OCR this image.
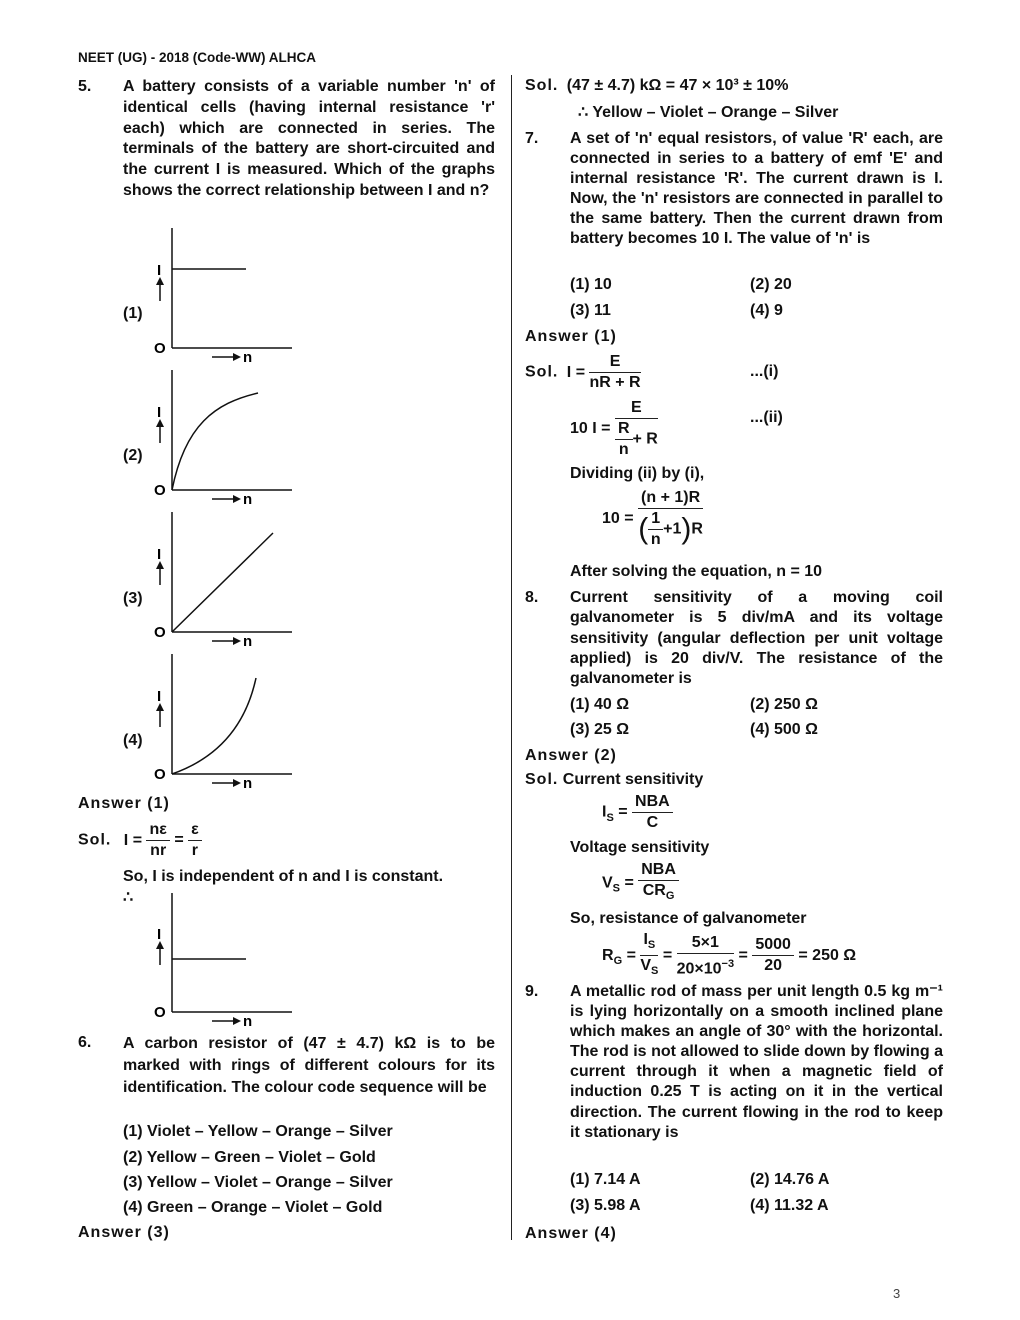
NEET (UG) - 2018 (Code-WW) ALHCA
5.	A battery consists of a variable number 'n' of identical cells (having internal resistance 'r' each) which are connected in series. The terminals of the battery are short-circuited and the current I is measured. Which of the graphs shows the correct relationship between I and n?
I
O
n
I
O
n
I
O
n
I
O
n
I
O
n
(1)
(2)
(3)
(4)
Answer (1)
Sol. $I = \frac{n\varepsilon}{nr} = \frac{\varepsilon}{r}$
So, I is independent of n and I is constant.
∴
6.	A carbon resistor of (47 ± 4.7) kΩ is to be marked with rings of different colours for its identification. The colour code sequence will be
(1) Violet – Yellow – Orange – Silver
(2) Yellow – Green – Violet – Gold
(3) Yellow – Violet – Orange – Silver
(4) Green – Orange – Violet – Gold
Answer (3)
Sol. (47 ± 4.7) kΩ = 47 × 10³ ± 10%
∴ Yellow – Violet – Orange – Silver
7.	A set of 'n' equal resistors, of value 'R' each, are connected in series to a battery of emf 'E' and internal resistance 'R'. The current drawn is I. Now, the 'n' resistors are connected in parallel to the same battery. Then the current drawn from battery becomes 10 I. The value of 'n' is
(1) 10	(2) 20
(3) 11	(4) 9
Answer (1)
Sol. $I = \frac{E}{nR + R}$	...(i)
10 $I = \frac{E}{\frac{R}{n} + R}$	...(ii)
Dividing (ii) by (i),
$10 = \frac{(n + 1)R}{( \frac{1}{n} +1)R}$
After solving the equation, n = 10
8.	Current sensitivity of a moving coil galvanometer is 5 div/mA and its voltage sensitivity (angular deflection per unit voltage applied) is 20 div/V. The resistance of the galvanometer is
(1) 40 Ω	(2) 250 Ω
(3) 25 Ω	(4) 500 Ω
Answer (2)
Sol. Current sensitivity
$I_S = \frac{\text{NBA}}{C}$
Voltage sensitivity
$V_S = \frac{\text{NBA}}{CR_G}$
So, resistance of galvanometer
$R_G = \frac{I_S}{V_S} = \frac{5\times 1}{20\times 10^{-3}} = \frac{5000}{20} = 250$ Ω
9.	A metallic rod of mass per unit length 0.5 kg m⁻¹ is lying horizontally on a smooth inclined plane which makes an angle of 30° with the horizontal. The rod is not allowed to slide down by flowing a current through it when a magnetic field of induction 0.25 T is acting on it in the vertical direction. The current flowing in the rod to keep it stationary is
(1) 7.14 A	(2) 14.76 A
(3) 5.98 A	(4) 11.32 A
Answer (4)
3
